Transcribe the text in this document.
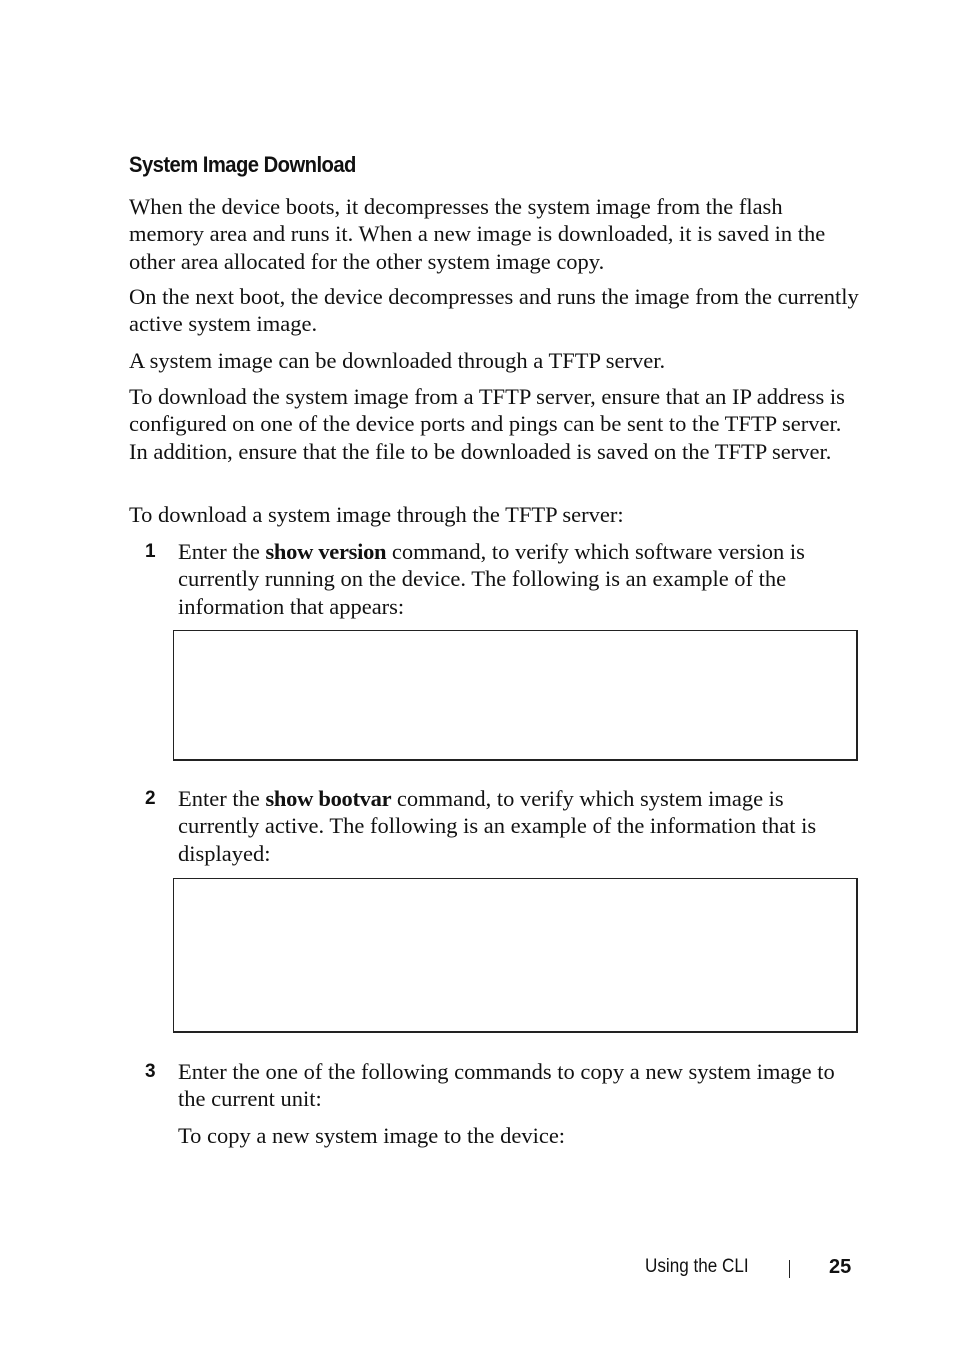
System Image Download

When the device boots, it decompresses the system image from the flash memory area and runs it. When a new image is downloaded, it is saved in the other area allocated for the other system image copy.

On the next boot, the device decompresses and runs the image from the currently active system image.

A system image can be downloaded through a TFTP server.

To download the system image from a TFTP server, ensure that an IP address is configured on one of the device ports and pings can be sent to the TFTP server. In addition, ensure that the file to be downloaded is saved on the TFTP server.

To download a system image through the TFTP server:

1 Enter the show version command, to verify which software version is currently running on the device. The following is an example of the information that appears:

2 Enter the show bootvar command, to verify which system image is currently active. The following is an example of the information that is displayed:

3 Enter the one of the following commands to copy a new system image to the current unit:

To copy a new system image to the device:

Using the CLI	25
